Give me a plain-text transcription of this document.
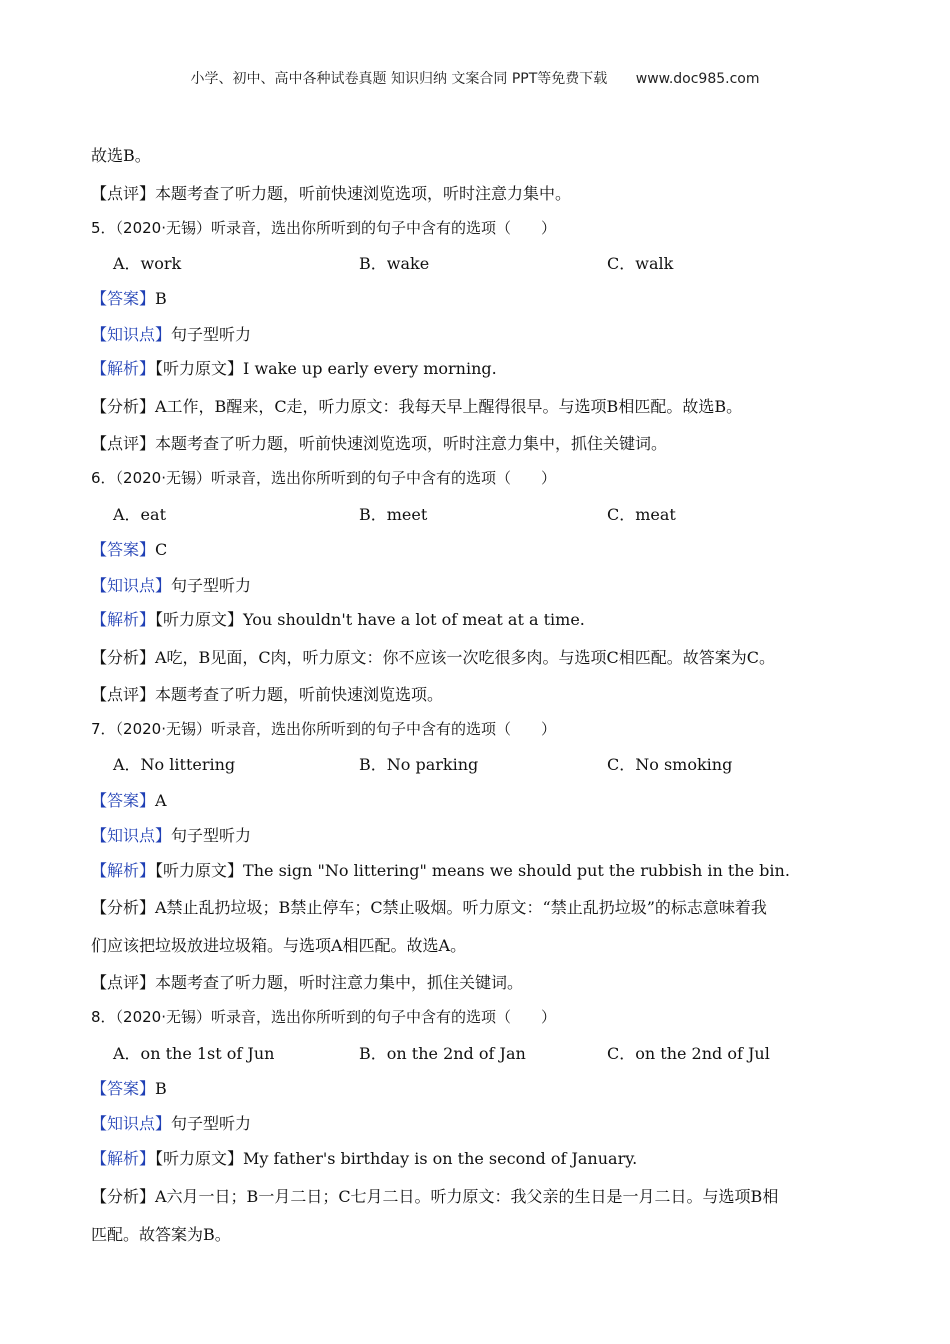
小学、初中、高中各种试卷真题 知识归纳 文案合同 PPT等免费下载 www.doc985.com
故选B。
【点评】本题考查了听力题，听前快速浏览选项，听时注意力集中。
5．（2020·无锡）听录音，选出你所听到的句子中含有的选项（　　）
A．work	B．wake	C．walk
【答案】B
【知识点】句子型听力
【解析】【听力原文】I wake up early every morning.
【分析】A工作，B醒来，C走，听力原文：我每天早上醒得很早。与选项B相匹配。故选B。
【点评】本题考查了听力题，听前快速浏览选项，听时注意力集中，抓住关键词。
6．（2020·无锡）听录音，选出你所听到的句子中含有的选项（　　）
A．eat	B．meet	C．meat
【答案】C
【知识点】句子型听力
【解析】【听力原文】You shouldn't have a lot of meat at a time.
【分析】A吃，B见面，C肉，听力原文：你不应该一次吃很多肉。与选项C相匹配。故答案为C。
【点评】本题考查了听力题，听前快速浏览选项。
7．（2020·无锡）听录音，选出你所听到的句子中含有的选项（　　）
A．No littering	B．No parking	C．No smoking
【答案】A
【知识点】句子型听力
【解析】【听力原文】The sign "No littering" means we should put the rubbish in the bin.
【分析】A禁止乱扔垃圾；B禁止停车；C禁止吸烟。听力原文：“禁止乱扔垃圾”的标志意味着我
们应该把垃圾放进垃圾箱。与选项A相匹配。故选A。
【点评】本题考查了听力题，听时注意力集中，抓住关键词。
8．（2020·无锡）听录音，选出你所听到的句子中含有的选项（　　）
A．on the 1st of Jun	B．on the 2nd of Jan	C．on the 2nd of Jul
【答案】B
【知识点】句子型听力
【解析】【听力原文】My father's birthday is on the second of January.
【分析】A六月一日；B一月二日；C七月二日。听力原文：我父亲的生日是一月二日。与选项B相
匹配。故答案为B。
